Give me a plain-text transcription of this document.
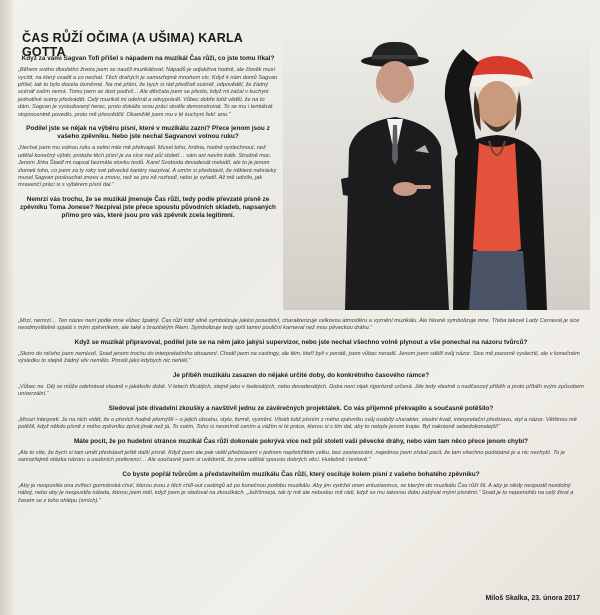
ČAS RŮŽÍ OČIMA (A UŠIMA) KARLA GOTTA

Když za vámi Sagvan Tofi přišel s nápadem na muzikál Čas růží, co jste tomu říkal?

„Během svého dlouhého života jsem se naučil muzikálovat. Nápadů je odjakživa hodně, ale člověk musí vycítit, na který vsadit a co nechat. Těch drahých je samozřejmě mnohem víc. Když k nám domů Sagvan přišel, tak to bylo docela úsměvné. Na mé přání, že bych si rád předčetl scénář, odpověděl, že žádný scénář zatím nemá. Tomu jsem se dost podivil… Ale děvčata jsem se přesto, když mi začal v kuchyni jednotlivé scény předvádět. Celý muzikál mi odehrál a odvyprávěl. Vůbec dobře totiž věděl, že na to dám. Sagvan je vystudovaný herec, proto dokáže svou práci skvěle demonstrovat. To se mu i tentokrát stoprocentně povedlo, proto mě přesvědčil. Okamžitě jsem mu v té kuchyni řekl: ano.“

Podílel jste se nějak na výběru písní, které v muzikálu zazní? Přece jenom jsou z vašeho zpěvníku. Nebo jste nechal Sagvanovi volnou ruku?

„Nechal jsem mu volnou ruku a velmi mile mě překvapil. Musel toho, hrdina, hodně vyslechnout, než udělal konečný výběr, protože těch písní je za více než půl století… sám ani nevím kolik. Strašně moc. Jenom Jirka Štaidl mi napsal bezmála stovku textů. Karel Svoboda devadesát melodií, ale to je jenom zlomek toho, co jsem za ty roky své pěvecké kariéry nazpíval. A umím si představit, že některé nahrávky musel Sagvan poslouchat znovu a znovu, než se pro ně rozhodl, nebo je vyřadil. Až mě udivilo, jak mravenčí práci si s výběrem písní dal.“

Nemrzí vás trochu, že se muzikál jmenuje Čas růží, tedy podle převzaté písně ze zpěvníku Toma Jonese? Nezpíval jste přece spoustu původních skladeb, napsaných přímo pro vás, které jsou pro váš zpěvník zcela legitimní.

„Mrzí, nemrzí… Ten název není podle mne vůbec špatný. Čas růží totiž silně symbolizuje jakési posedství, charakterizuje celkovou atmosféru a vyznění muzikálu. Ale hlavně symbolizuje mne. Třeba takové Lady Carneval je sice neodmyslitelně spjatá s mým zpěvníkem, ale také s brazilským Riem. Symbolizuje tedy spíš tamní pouliční karneval než mou pěveckou dráhu.“

Když se muzikál připravoval, podílel jste se na něm jako jakýsi supervizor, nebo jste nechal všechno volně plynout a vše ponechal na názoru tvůrců?

„Skoro do ničeho jsem nemluvil. Snad jenom trochu do interpretačního obsazení. Chodil jsem na castingy, ale těm, kteří byli v porotě, jsem vůbec neradil. Jenom jsem sdělil svůj názor. Sice mě pozorně vyslechli, ale v konečném výsledku to stejně žádný vliv nemělo. Prostě jako kdybych nic neřekl.“

Je příběh muzikálu zasazen do nějaké určité doby, do konkrétního časového rámce?

„Vůbec ne. Děj se může odehrávat vlastně v jakékoliv době. V letech třicátých, stejně jako v šedesátých, nebo devadesátých. Doba není nijak rigorózně určená. Jde tedy vlastně o nadčasový příběh a proto příběh svým způsobem univerzální.“

Sledoval jste divadelní zkoušky a navštívil jednu ze závěrečných projektálek. Co vás příjemně překvapilo a současně potěšilo?

„Mnozí interpreti. Je na nich vidět, že o písních hodně přemýšlí – o jejich obsahu, stylu, formě, vyznění. Vtiskli totiž písním z mého zpěvníku svůj osobitý charakter, vlastní kvalt, interpretační představu, styl a názor. Většinou mě potěšil, když někdo písně z mého zpěvníku zpívá jinak než já. To svém. Toho si nesmírně cením a vážím si té práce, kterou si s tím dal, aby to nebyla jenom kopie. Byl nakrásně sebedokonalejší!“

Máte pocit, že po hudební stránce muzikál Čas růží dokonale pokrývá více než půl století vaší pěvecké dráhy, nebo vám tam něco přece jenom chybí?

„Ale to víte, že bych si tam uměl představit ještě další písně. Když jsem ale pak viděl představení v jednom nepřetržitém celku, bez zastavování, najednou jsem získal pocit, že tam všechno podstatné je a nic nechybí. To je samozřejmě otázka názoru a osobních preferencí… Ale současně jsem si uvědomil, že jsme udělali spoustu dobrých věcí. Hudebně i textově.“

Co byste popřál tvůrcům a představitelům muzikálu Čas růží, který osciluje kolem písní z vašeho bohatého zpěvníku?

„Aby je neopustila ona zvířecí gurmánská chuť, kterou zvou z těch chill-out castingů až po konečnou podobu muzikálu. Aby jim vydržel onen entuziasmus, se kterým do muzikálu Čas růží šli. A aby je nikdy neopustil nezdolný náboj, nebo aby je neopustila nálada, kterou jsem měl, když jsem je sledoval na zkouškách. „Ježišmarja, tak ty mě ale nebudou mít rádi, když se mu takovou dobu zabývat mými písněmi.“ Snad je to nepomohlo na celý život a časem se z toho ohlépu (smích).“

Miloš Skalka, 23. února 2017
